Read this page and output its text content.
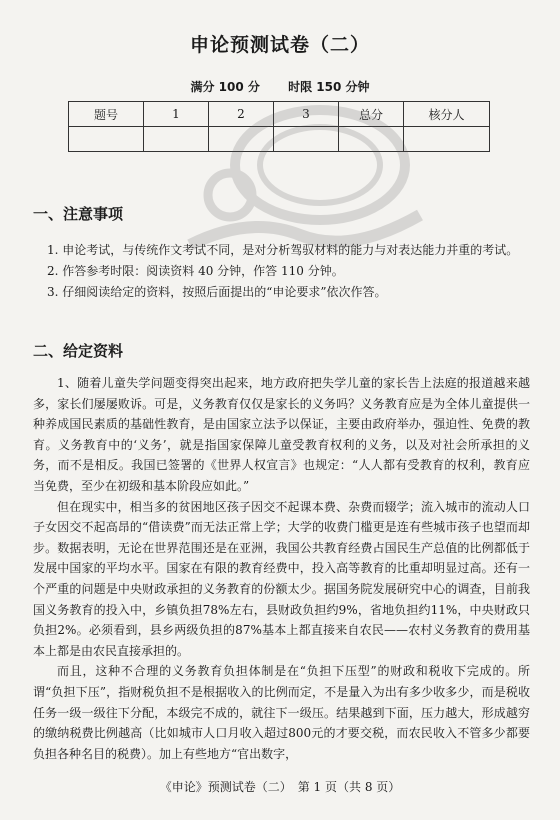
申论预测试卷（二）
满分 100 分 时限 150 分钟
题号	1	2	3	总分	核分人

一、注意事项

1. 申论考试，与传统作文考试不同，是对分析驾驭材料的能力与对表达能力并重的考试。

2. 作答参考时限：阅读资料 40 分钟，作答 110 分钟。

3. 仔细阅读给定的资料，按照后面提出的“申论要求”依次作答。

二、给定资料

1、随着儿童失学问题变得突出起来，地方政府把失学儿童的家长告上法庭的报道越来越多，家长们屡屡败诉。可是，义务教育仅仅是家长的义务吗？义务教育应是为全体儿童提供一种养成国民素质的基础性教育，是由国家立法予以保证，主要由政府举办，强迫性、免费的教育。义务教育中的‘义务’，就是指国家保障儿童受教育权利的义务，以及对社会所承担的义务，而不是相反。我国已签署的《世界人权宣言》也规定：“人人都有受教育的权利，教育应当免费，至少在初级和基本阶段应如此。”

但在现实中，相当多的贫困地区孩子因交不起课本费、杂费而辍学；流入城市的流动人口子女因交不起高昂的“借读费”而无法正常上学；大学的收费门槛更是连有些城市孩子也望而却步。数据表明，无论在世界范围还是在亚洲，我国公共教育经费占国民生产总值的比例都低于发展中国家的平均水平。国家在有限的教育经费中，投入高等教育的比重却明显过高。还有一个严重的问题是中央财政承担的义务教育的份额太少。据国务院发展研究中心的调查，目前我国义务教育的投入中，乡镇负担78%左右，县财政负担约9%，省地负担约11%，中央财政只负担2%。必须看到，县乡两级负担的87%基本上都直接来自农民——农村义务教育的费用基本上都是由农民直接承担的。

而且，这种不合理的义务教育负担体制是在“负担下压型”的财政和税收下完成的。所谓“负担下压”，指财税负担不是根据收入的比例而定，不是量入为出有多少收多少，而是税收任务一级一级往下分配，本级完不成的，就往下一级压。结果越到下面，压力越大，形成越穷的缴纳税费比例越高（比如城市人口月收入超过800元的才要交税，而农民收入不管多少都要负担各种名目的税费）。加上有些地方“官出数字，

《申论》预测试卷（二）　第 1 页（共 8 页）
